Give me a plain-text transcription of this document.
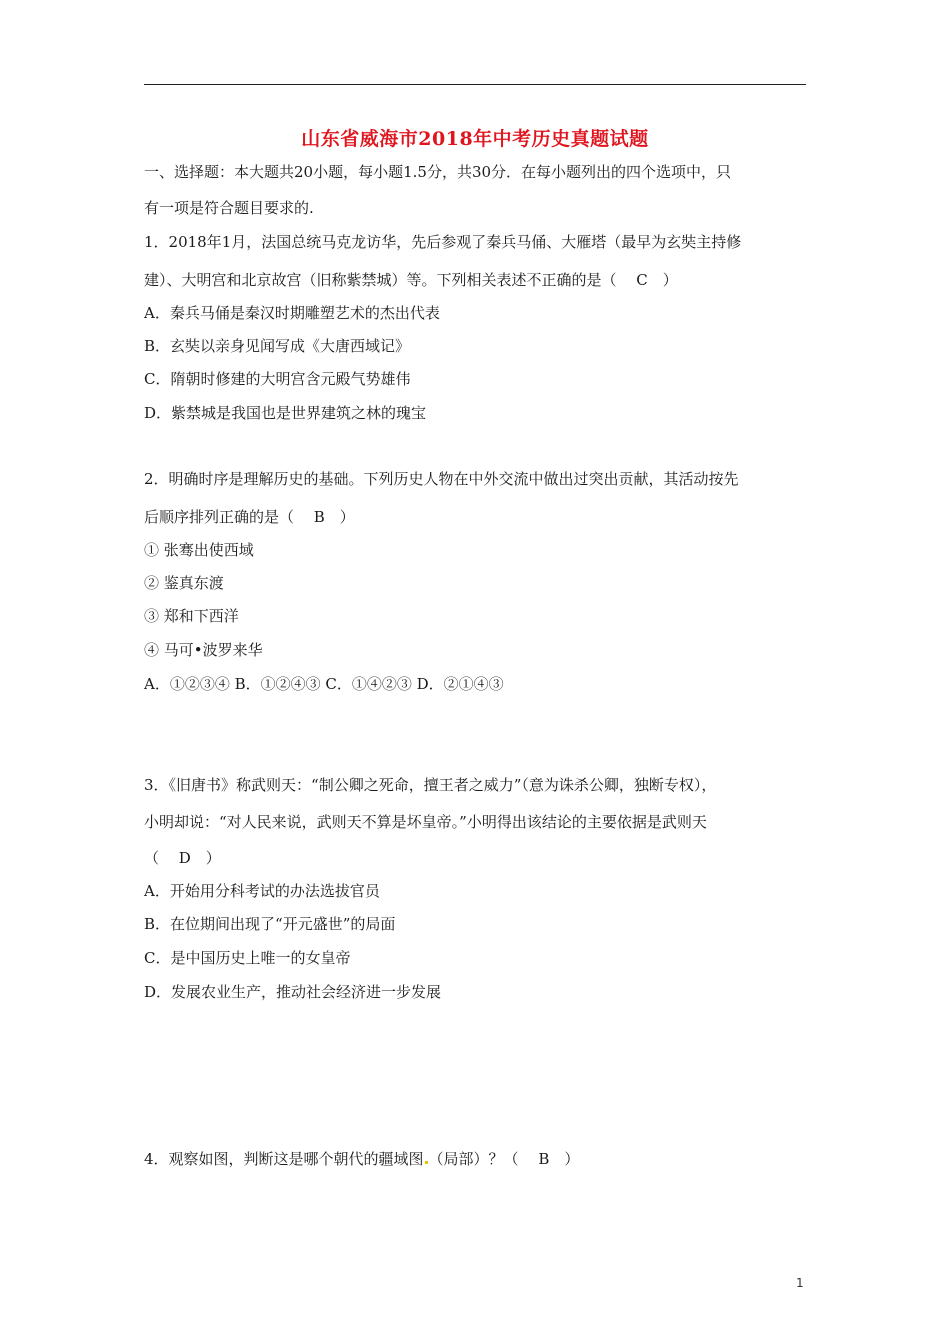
山东省威海市2018年中考历史真题试题
一、选择题：本大题共20小题，每小题1.5分，共30分．在每小题列出的四个选项中，只
有一项是符合题目要求的.
1．2018年1月，法国总统马克龙访华，先后参观了秦兵马俑、大雁塔（最早为玄奘主持修
建）、大明宫和北京故宫（旧称紫禁城）等。下列相关表述不正确的是（　 C　）
A．秦兵马俑是秦汉时期雕塑艺术的杰出代表
B．玄奘以亲身见闻写成《大唐西域记》
C．隋朝时修建的大明宫含元殿气势雄伟
D．紫禁城是我国也是世界建筑之林的瑰宝
2．明确时序是理解历史的基础。下列历史人物在中外交流中做出过突出贡献，其活动按先
后顺序排列正确的是（　 B　）
① 张骞出使西域
② 鉴真东渡
③ 郑和下西洋
④ 马可•波罗来华
A．①②③④ B．①②④③ C．①④②③ D．②①④③
3．《旧唐书》称武则天：“制公卿之死命，擅王者之威力”（意为诛杀公卿，独断专权），
小明却说：“对人民来说，武则天不算是坏皇帝。”小明得出该结论的主要依据是武则天
（　 D　）
A．开始用分科考试的办法选拔官员
B．在位期间出现了“开元盛世”的局面
C．是中国历史上唯一的女皇帝
D．发展农业生产，推动社会经济进一步发展
4．观察如图，判断这是哪个朝代的疆域图 （局部）？（　 B　）
1
